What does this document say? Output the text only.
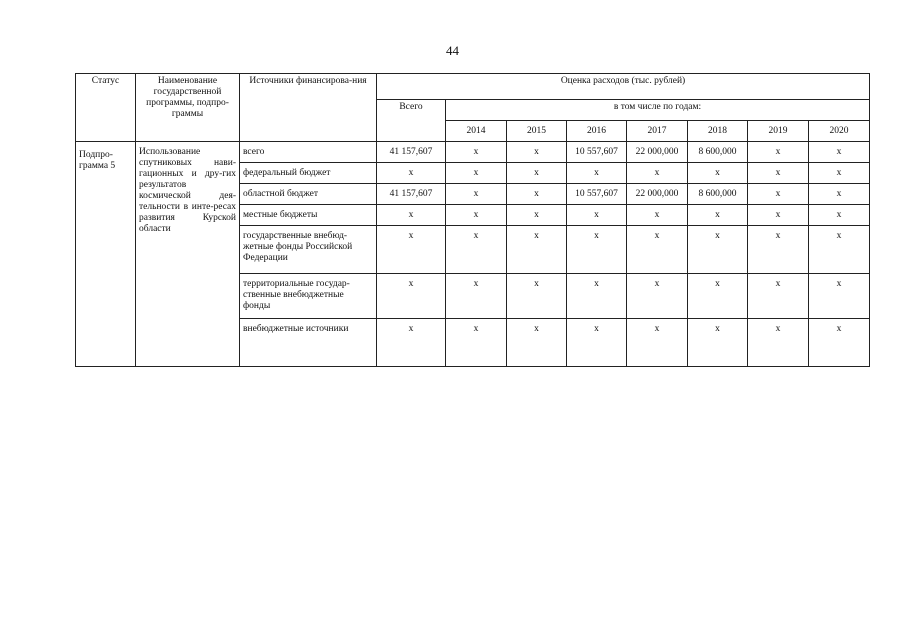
44
Статус	Наименование государственной программы, подпро-граммы	Источники финансирова-ния	Оценка расходов (тыс. рублей)							
			Всего	в том числе по годам:						
				2014	2015	2016	2017	2018	2019	2020
Подпро-грамма 5	Использование спутниковых нави-гационных и дру-гих результатов космической дея-тельности в инте-ресах развития Курской области	всего	41 157,607	x	x	10 557,607	22 000,000	8 600,000	x	x
		федеральный бюджет	x	x	x	x	x	x	x	x
		областной бюджет	41 157,607	x	x	10 557,607	22 000,000	8 600,000	x	x
		местные бюджеты	x	x	x	x	x	x	x	x
		государственные внебюд-жетные фонды Российской Федерации	x	x	x	x	x	x	x	x
		территориальные государ-ственные внебюджетные фонды	x	x	x	x	x	x	x	x
		внебюджетные источники	x	x	x	x	x	x	x	x
